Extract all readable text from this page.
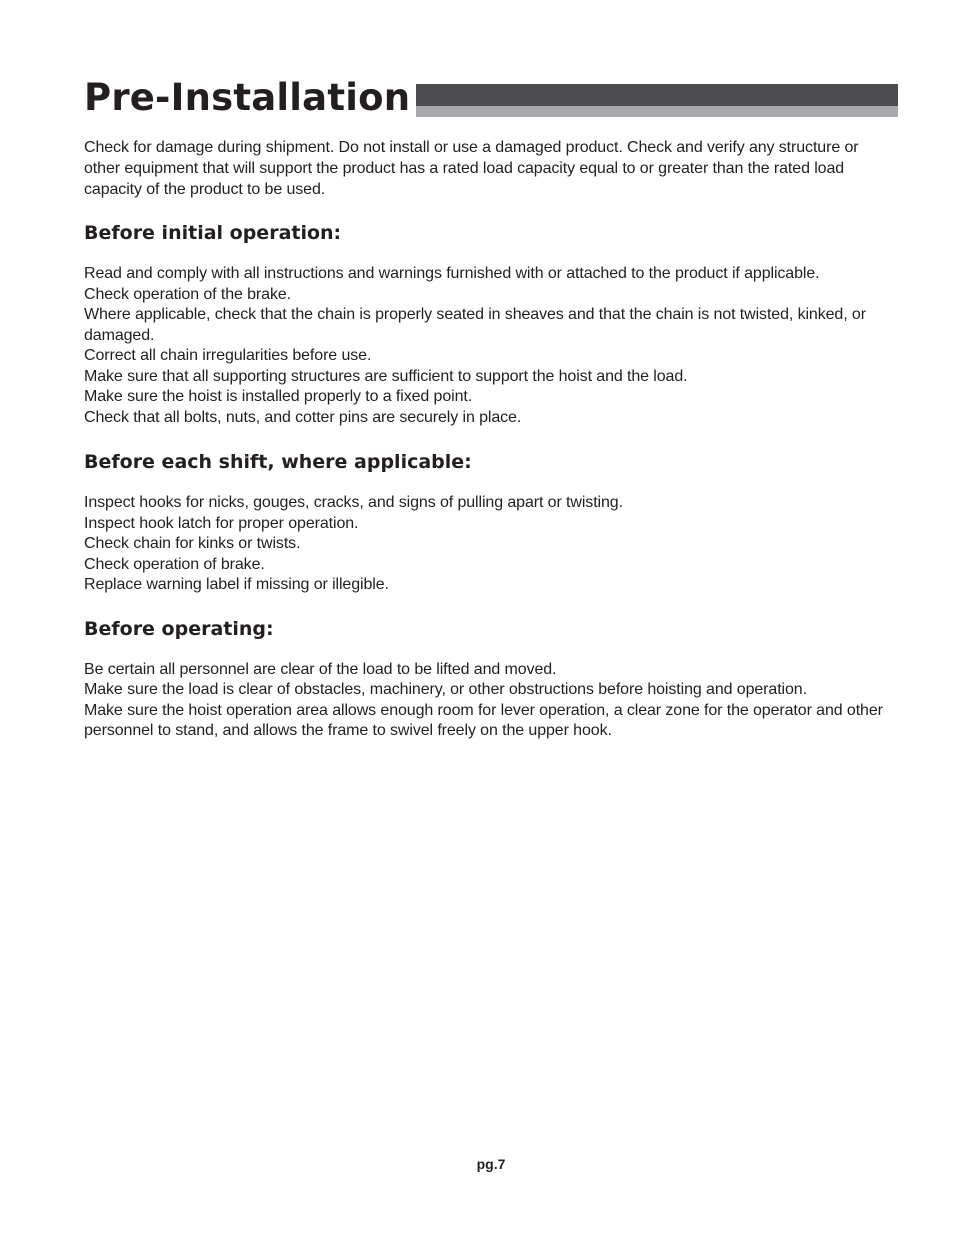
Pre-Installation

Check for damage during shipment. Do not install or use a damaged product. Check and verify any structure or other equipment that will support the product has a rated load capacity equal to or greater than the rated load capacity of the product to be used.

Before initial operation:
Read and comply with all instructions and warnings furnished with or attached to the product if applicable.
Check operation of the brake.
Where applicable, check that the chain is properly seated in sheaves and that the chain is not twisted, kinked, or damaged.
Correct all chain irregularities before use.
Make sure that all supporting structures are sufficient to support the hoist and the load.
Make sure the hoist is installed properly to a fixed point.
Check that all bolts, nuts, and cotter pins are securely in place.
Before each shift, where applicable:
Inspect hooks for nicks, gouges, cracks, and signs of pulling apart or twisting.
Inspect hook latch for proper operation.
Check chain for kinks or twists.
Check operation of brake.
Replace warning label if missing or illegible.
Before operating:
Be certain all personnel are clear of the load to be lifted and moved.
Make sure the load is clear of obstacles, machinery, or other obstructions before hoisting and operation.
Make sure the hoist operation area allows enough room for lever operation, a clear zone for the operator and other personnel to stand, and allows the frame to swivel freely on the upper hook.
pg.7
